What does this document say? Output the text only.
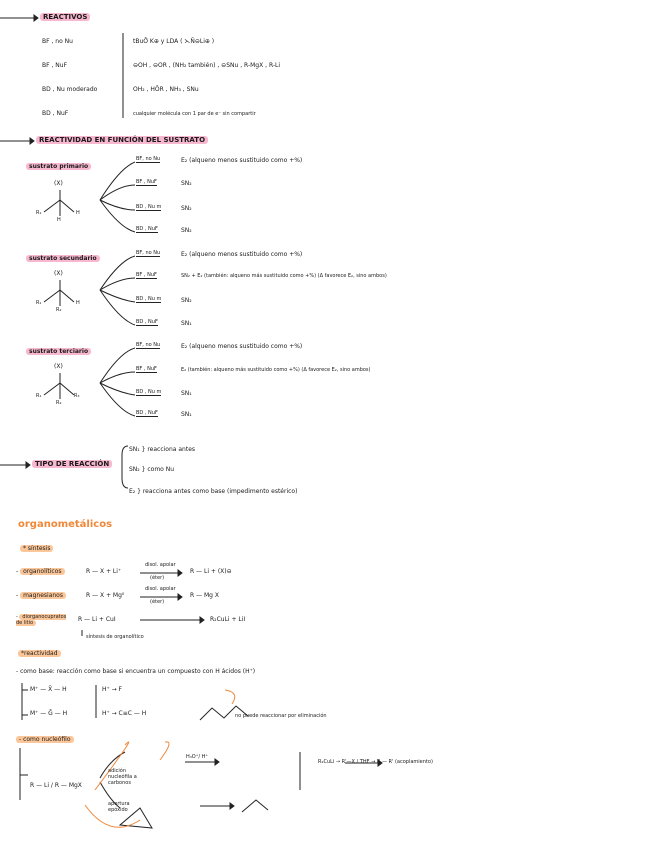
REACTIVOS
BF , no Nu	tBuŌ̄ K⊕ y LDA ( ⋋N̄⊖Li⊕ )
BF , NuF	⊖OH , ⊖OR , (NH₂ también) , ⊖SNu , R-MgX , R-Li
BD , Nu moderado	OH₂ , HŌR , NH₃ , SNu
BD , NuF	cualquier molécula con 1 par de e⁻ sin compartir
REACTIVIDAD EN FUNCIÓN DEL SUSTRATO
sustrato primario
(X)
R₁
H
H
BF, no Nu	E₂ (alqueno menos sustituido como +%)
BF , NuF	SN₂
BD , Nu m	SN₂
BD , NuF	SN₂
sustrato secundario
(X)
R₁
R₂
H
BF, no Nu	E₂ (alqueno menos sustituido como +%)
BF , NuF	SN₂ + E₂ (también: alqueno más sustituido como +%) (Δ favorece E₂, sino ambos)
BD , Nu m	SN₂
BD , NuF	SN₁
sustrato terciario
(X)
R₁
R₂
R₃
BF, no Nu	E₂ (alqueno menos sustituido como +%)
BF , NuF	E₂ (también: alqueno más sustituido como +%) (Δ favorece E₂, sino ambos)
BD , Nu m	SN₁
BD , NuF	SN₁
TIPO DE REACCIÓN
SN₁ } reacciona antes
SN₂ } como Nu
E₂ } reacciona antes como base (impedimento estérico)
organometálicos
* síntesis
- organolíticos	R — X + Li⁺
disol. apolar
(éter)
R — Li + (X)⊖
- magnesianos	R — X + Mg⁰
disol. apolar
(éter)
R — Mg X
- diorganocupratos de litio	R — Li + CuI	R₂CuLi + LiI
síntesis de organolítico
*reactividad
- como base: reacción como base si encuentra un compuesto con H ácidos (H⁺)
M⁺ — X̄ — H
M⁺ — Ḡ — H
H⁺ → F
H⁺ → C≡C — H	no puede reaccionar por eliminación
- como nucleófilo
R — Li / R — MgX
adición nucleófila a carbonos
apertura epóxido
H₃O⁺/ H⁺
R₂CuLi → R'—X / THF → R — R' (acoplamiento)
